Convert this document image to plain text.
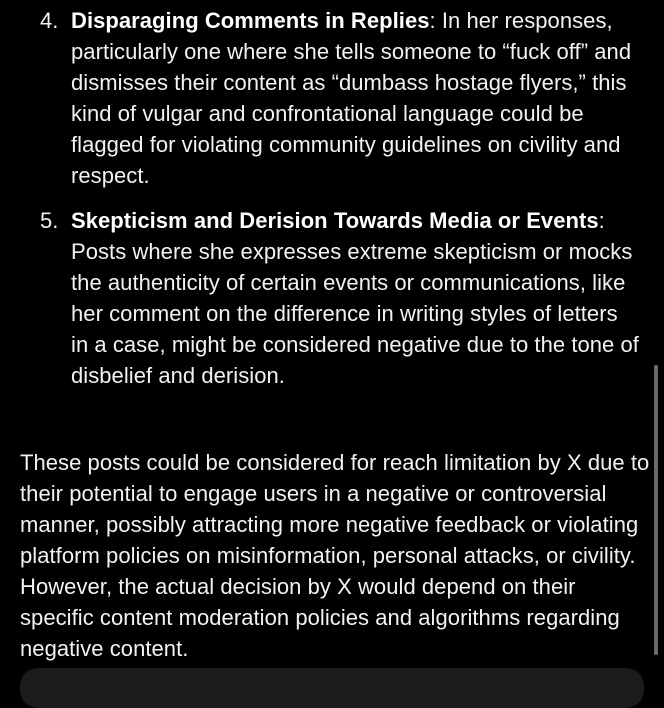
4. Disparaging Comments in Replies: In her responses, particularly one where she tells someone to “fuck off” and dismisses their content as “dumbass hostage flyers,” this kind of vulgar and confrontational language could be flagged for violating community guidelines on civility and respect.
5. Skepticism and Derision Towards Media or Events: Posts where she expresses extreme skepticism or mocks the authenticity of certain events or communications, like her comment on the difference in writing styles of letters in a case, might be considered negative due to the tone of disbelief and derision.

These posts could be considered for reach limitation by X due to their potential to engage users in a negative or controversial manner, possibly attracting more negative feedback or violating platform policies on misinformation, personal attacks, or civility. However, the actual decision by X would depend on their specific content moderation policies and algorithms regarding negative content.
